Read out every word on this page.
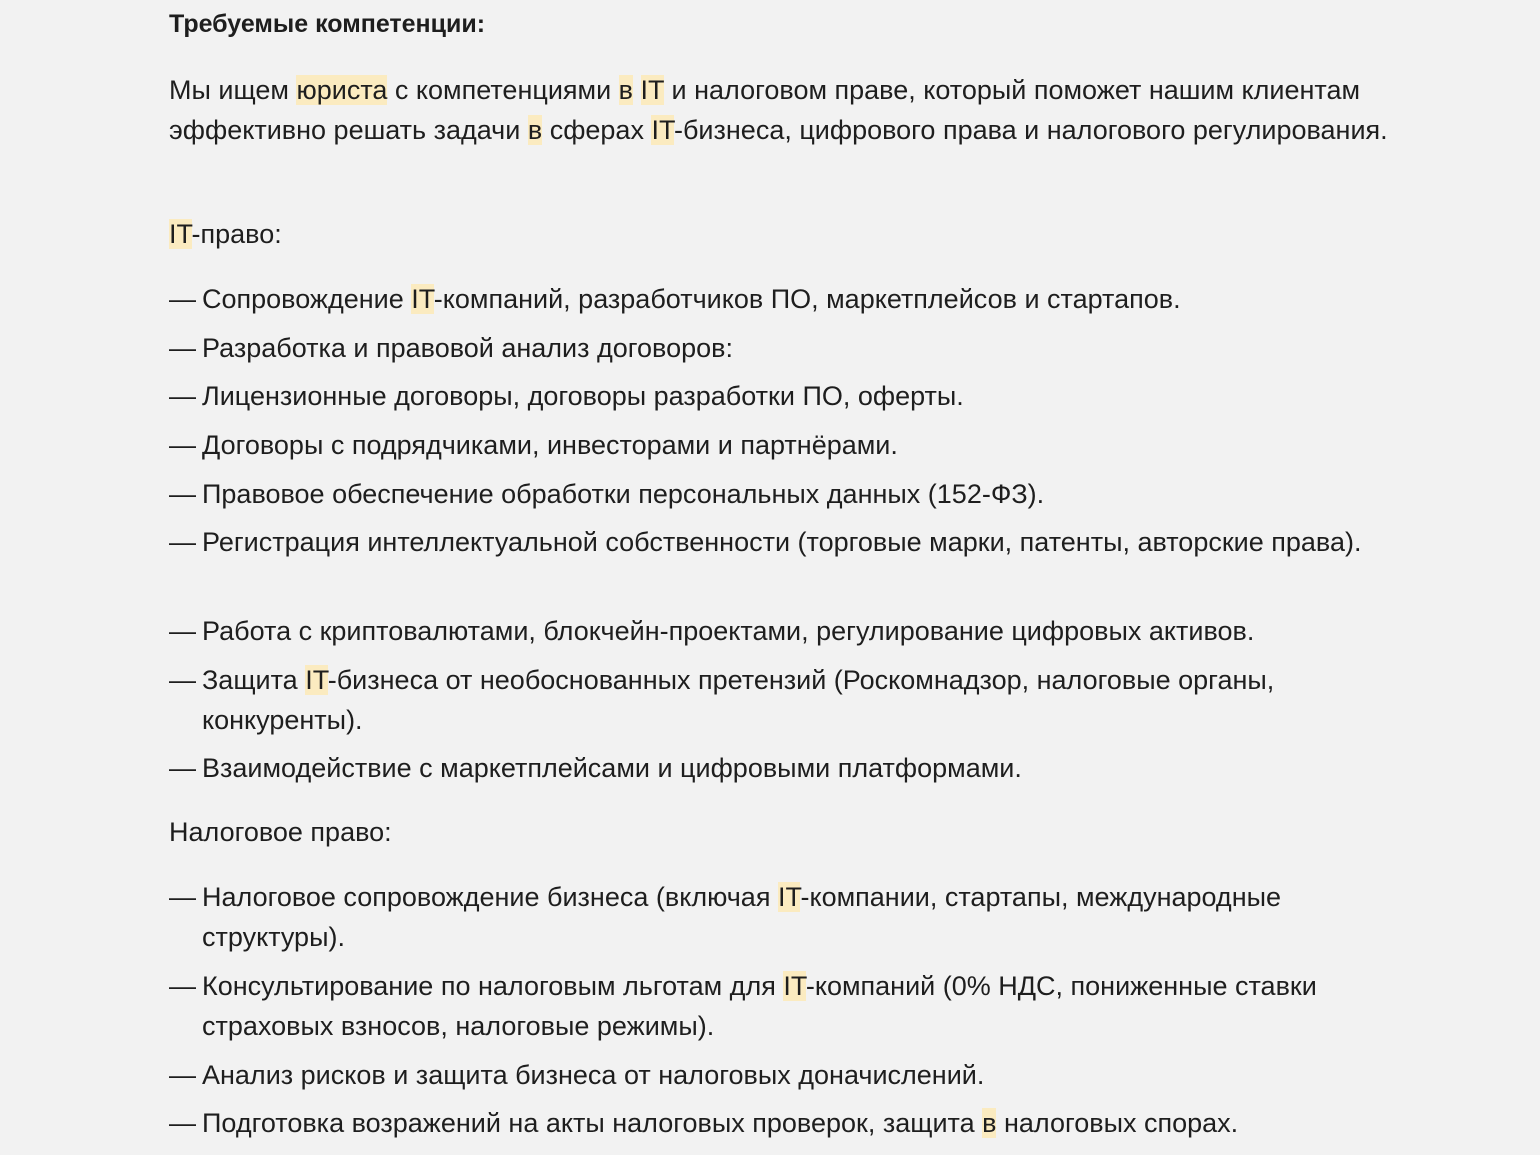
Требуемые компетенции:
Мы ищем юриста с компетенциями в IT и налоговом праве, который поможет нашим клиентам эффективно решать задачи в сферах IT-бизнеса, цифрового права и налогового регулирования.
IT-право:
— Сопровождение IT-компаний, разработчиков ПО, маркетплейсов и стартапов.
— Разработка и правовой анализ договоров:
— Лицензионные договоры, договоры разработки ПО, оферты.
— Договоры с подрядчиками, инвесторами и партнёрами.
— Правовое обеспечение обработки персональных данных (152-ФЗ).
— Регистрация интеллектуальной собственности (торговые марки, патенты, авторские права).
— Работа с криптовалютами, блокчейн-проектами, регулирование цифровых активов.
— Защита IT-бизнеса от необоснованных претензий (Роскомнадзор, налоговые органы, конкуренты).
— Взаимодействие с маркетплейсами и цифровыми платформами.
Налоговое право:
— Налоговое сопровождение бизнеса (включая IT-компании, стартапы, международные структуры).
— Консультирование по налоговым льготам для IT-компаний (0% НДС, пониженные ставки страховых взносов, налоговые режимы).
— Анализ рисков и защита бизнеса от налоговых доначислений.
— Подготовка возражений на акты налоговых проверок, защита в налоговых спорах.
